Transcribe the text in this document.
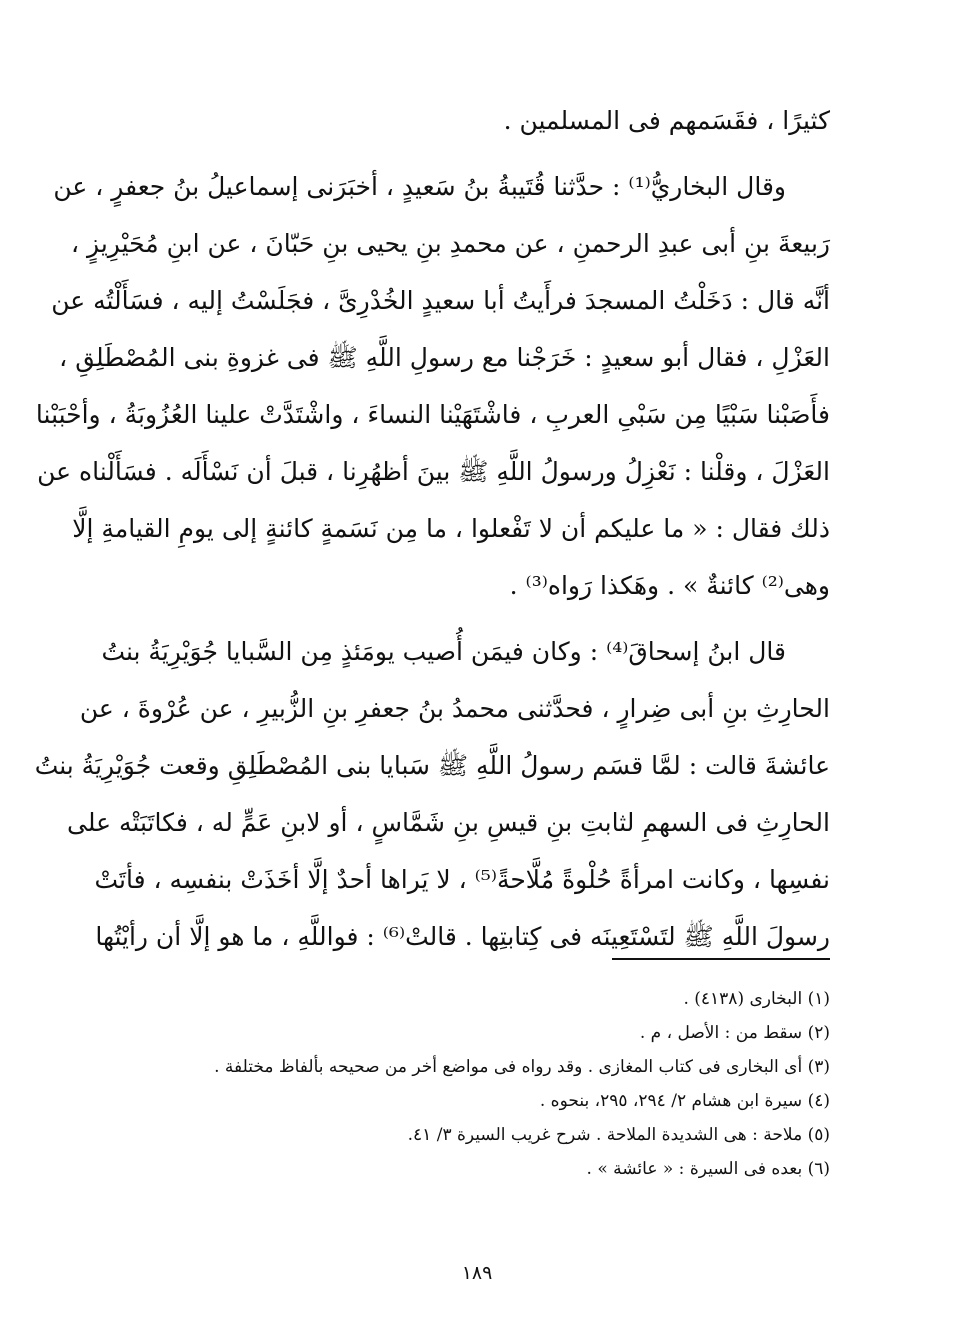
كثيرًا ، فقَسَمهم فى المسلمين .
وقال البخاريُّ⁽¹⁾ : حدَّثنا قُتَيبةُ بنُ سَعيدٍ ، أخبَرَنى إسماعيلُ بنُ جعفرٍ ، عن
رَبيعةَ بنِ أبى عبدِ الرحمنِ ، عن محمدِ بنِ يحيى بنِ حَبّانَ ، عن ابنِ مُحَيْرِيزٍ ،
أنَّه قال : دَخَلْتُ المسجدَ فرأَيتُ أبا سعيدٍ الخُدْرِىَّ ، فجَلَسْتُ إليه ، فسَأَلْتُه عن
العَزْلِ ، فقال أبو سعيدٍ : خَرَجْنا مع رسولِ اللَّهِ ﷺ فى غزوةِ بنى المُصْطَلِقِ ،
فأَصَبْنا سَبْيًا مِن سَبْىِ العربِ ، فاشْتَهَيْنا النساءَ ، واشْتَدَّتْ علينا العُزُوبَةُ ، وأحْبَبْنا
العَزْلَ ، وقلْنا : نَعْزِلُ ورسولُ اللَّهِ ﷺ بينَ أظهُرِنا ، قبلَ أن نَسْأَلَه . فسَأَلْناه عن
ذلك فقال : « ما عليكم أن لا تَفْعلوا ، ما مِن نَسَمةٍ كائنةٍ إلى يومِ القيامةِ إلَّا
وهى⁽²⁾ كائنةٌ » . وهَكذا رَواه⁽³⁾ .
قال ابنُ إسحاقَ⁽⁴⁾ : وكان فيمَن أُصيب يومَئذٍ مِن السَّبايا جُوَيْرِيَةُ بنتُ
الحارِثِ بنِ أبى ضِرارٍ ، فحدَّثنى محمدُ بنُ جعفرِ بنِ الزُّبيرِ ، عن عُرْوةَ ، عن
عائشةَ قالت : لمَّا قسَم رسولُ اللَّهِ ﷺ سَبايا بنى المُصْطَلِقِ وقعت جُوَيْرِيَةُ بنتُ
الحارِثِ فى السهمِ لثابتِ بنِ قيسِ بنِ شَمَّاسٍ ، أو لابنِ عَمٍّ له ، فكاتَبَتْه على
نفسِها ، وكانت امرأةً حُلْوةً مُلَّاحةً⁽⁵⁾ ، لا يَراها أحدٌ إلَّا أخَذَتْ بنفسِه ، فأتَتْ
رسولَ اللَّهِ ﷺ لتَسْتَعِينَه فى كِتابتِها . قالتْ⁽⁶⁾ : فواللَّهِ ، ما هو إلَّا أن رأيْتُها
(١) البخارى (٤١٣٨) .
(٢) سقط من : الأصل ، م .
(٣) أى البخارى فى كتاب المغازى . وقد رواه فى مواضع أخر من صحيحه بألفاظ مختلفة .
(٤) سيرة ابن هشام ٢/ ٢٩٤، ٢٩٥، بنحوه .
(٥) ملاحة : هى الشديدة الملاحة . شرح غريب السيرة ٣/ ٤١.
(٦) بعده فى السيرة : « عائشة » .
١٨٩
